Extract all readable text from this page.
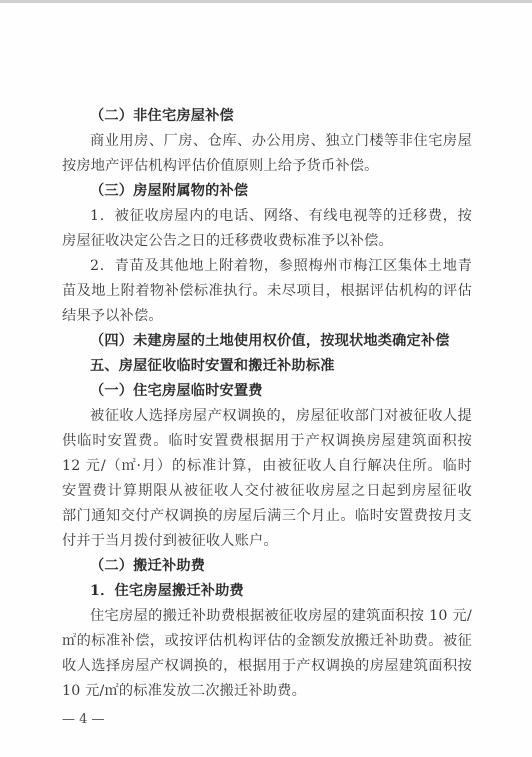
（二）非住宅房屋补偿
商业用房、厂房、仓库、办公用房、独立门楼等非住宅房屋
按房地产评估机构评估价值原则上给予货币补偿。
（三）房屋附属物的补偿
1．被征收房屋内的电话、网络、有线电视等的迁移费，按
房屋征收决定公告之日的迁移费收费标准予以补偿。
2．青苗及其他地上附着物，参照梅州市梅江区集体土地青
苗及地上附着物补偿标准执行。未尽项目，根据评估机构的评估
结果予以补偿。
（四）未建房屋的土地使用权价值，按现状地类确定补偿
五、房屋征收临时安置和搬迁补助标准
（一）住宅房屋临时安置费
被征收人选择房屋产权调换的，房屋征收部门对被征收人提
供临时安置费。临时安置费根据用于产权调换房屋建筑面积按
12 元/（㎡·月）的标准计算，由被征收人自行解决住所。临时
安置费计算期限从被征收人交付被征收房屋之日起到房屋征收
部门通知交付产权调换的房屋后满三个月止。临时安置费按月支
付并于当月拨付到被征收人账户。
（二）搬迁补助费
1．住宅房屋搬迁补助费
住宅房屋的搬迁补助费根据被征收房屋的建筑面积按 10 元/
㎡的标准补偿，或按评估机构评估的金额发放搬迁补助费。被征
收人选择房屋产权调换的，根据用于产权调换的房屋建筑面积按
10 元/㎡的标准发放二次搬迁补助费。
— 4 —
